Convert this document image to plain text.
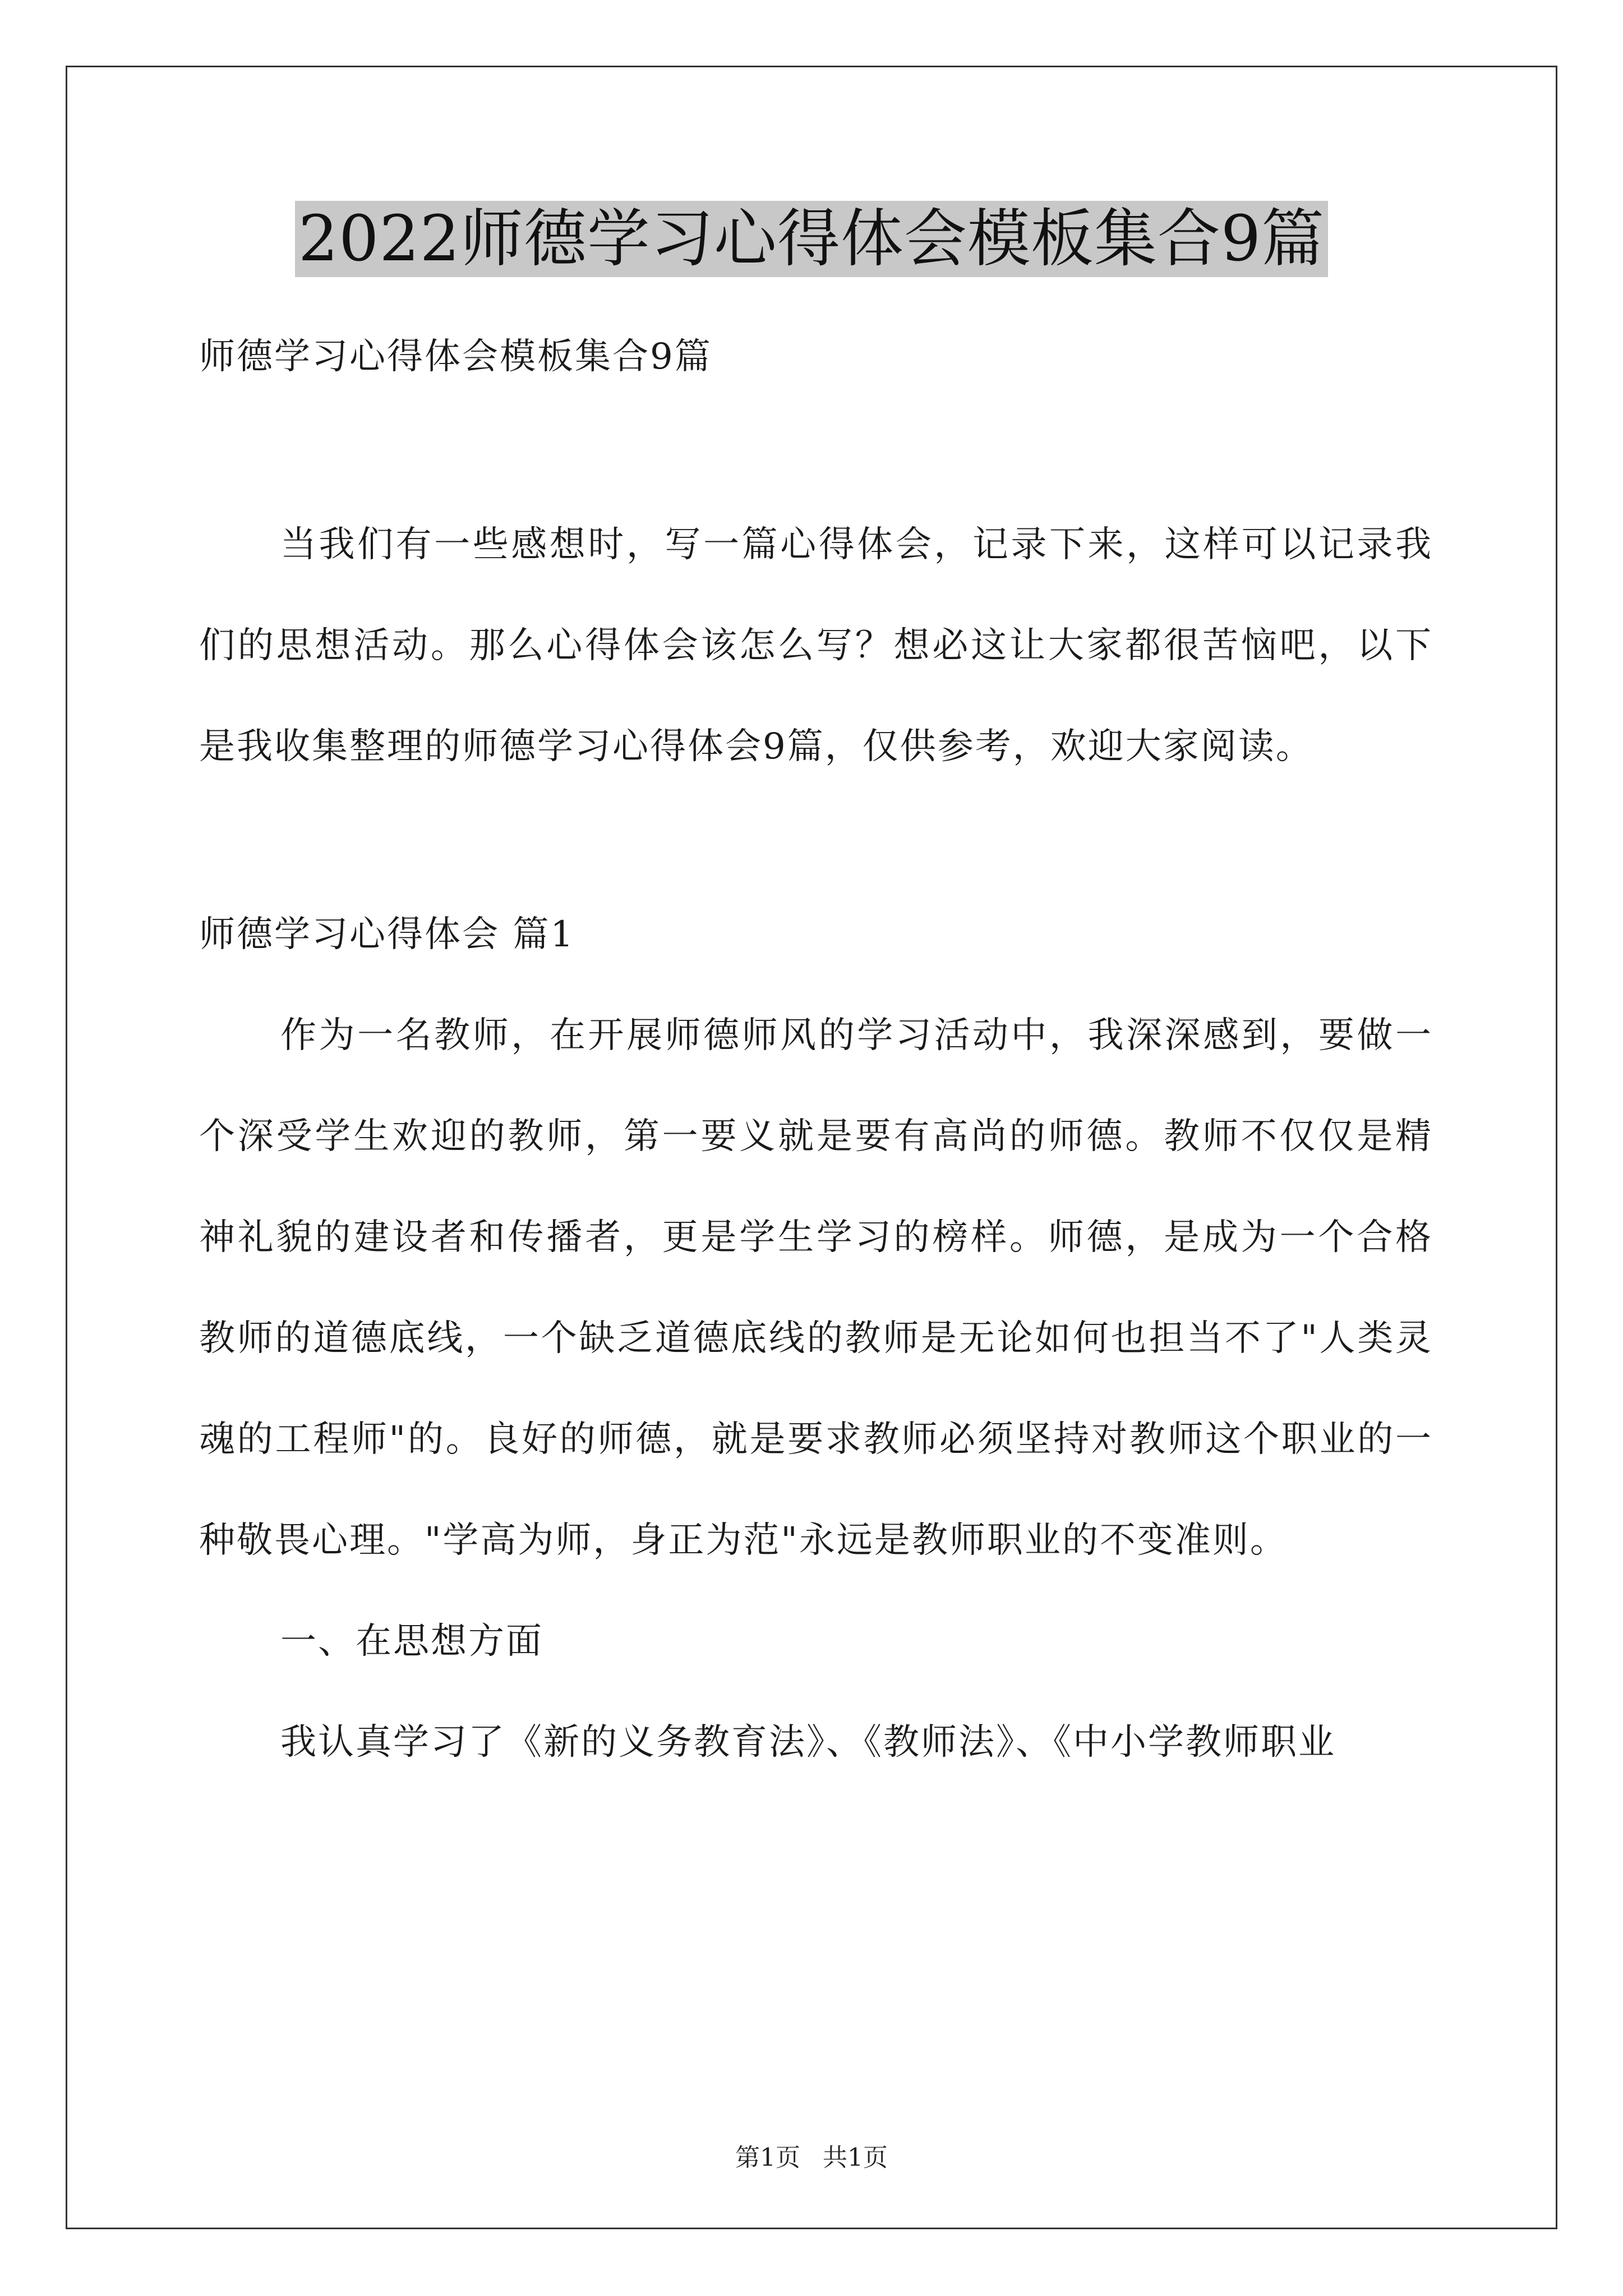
2022师德学习心得体会模板集合9篇

师德学习心得体会模板集合9篇

当我们有一些感想时，写一篇心得体会，记录下来，这样可以记录我们的思想活动。那么心得体会该怎么写？想必这让大家都很苦恼吧，以下是我收集整理的师德学习心得体会9篇，仅供参考，欢迎大家阅读。

师德学习心得体会 篇1

作为一名教师，在开展师德师风的学习活动中，我深深感到，要做一个深受学生欢迎的教师，第一要义就是要有高尚的师德。教师不仅仅是精神礼貌的建设者和传播者，更是学生学习的榜样。师德，是成为一个合格教师的道德底线，一个缺乏道德底线的教师是无论如何也担当不了"人类灵魂的工程师"的。良好的师德，就是要求教师必须坚持对教师这个职业的一种敬畏心理。"学高为师，身正为范"永远是教师职业的不变准则。

一、在思想方面

我认真学习了《新的义务教育法》、《教师法》、《中小学教师职业

第1页 共1页
